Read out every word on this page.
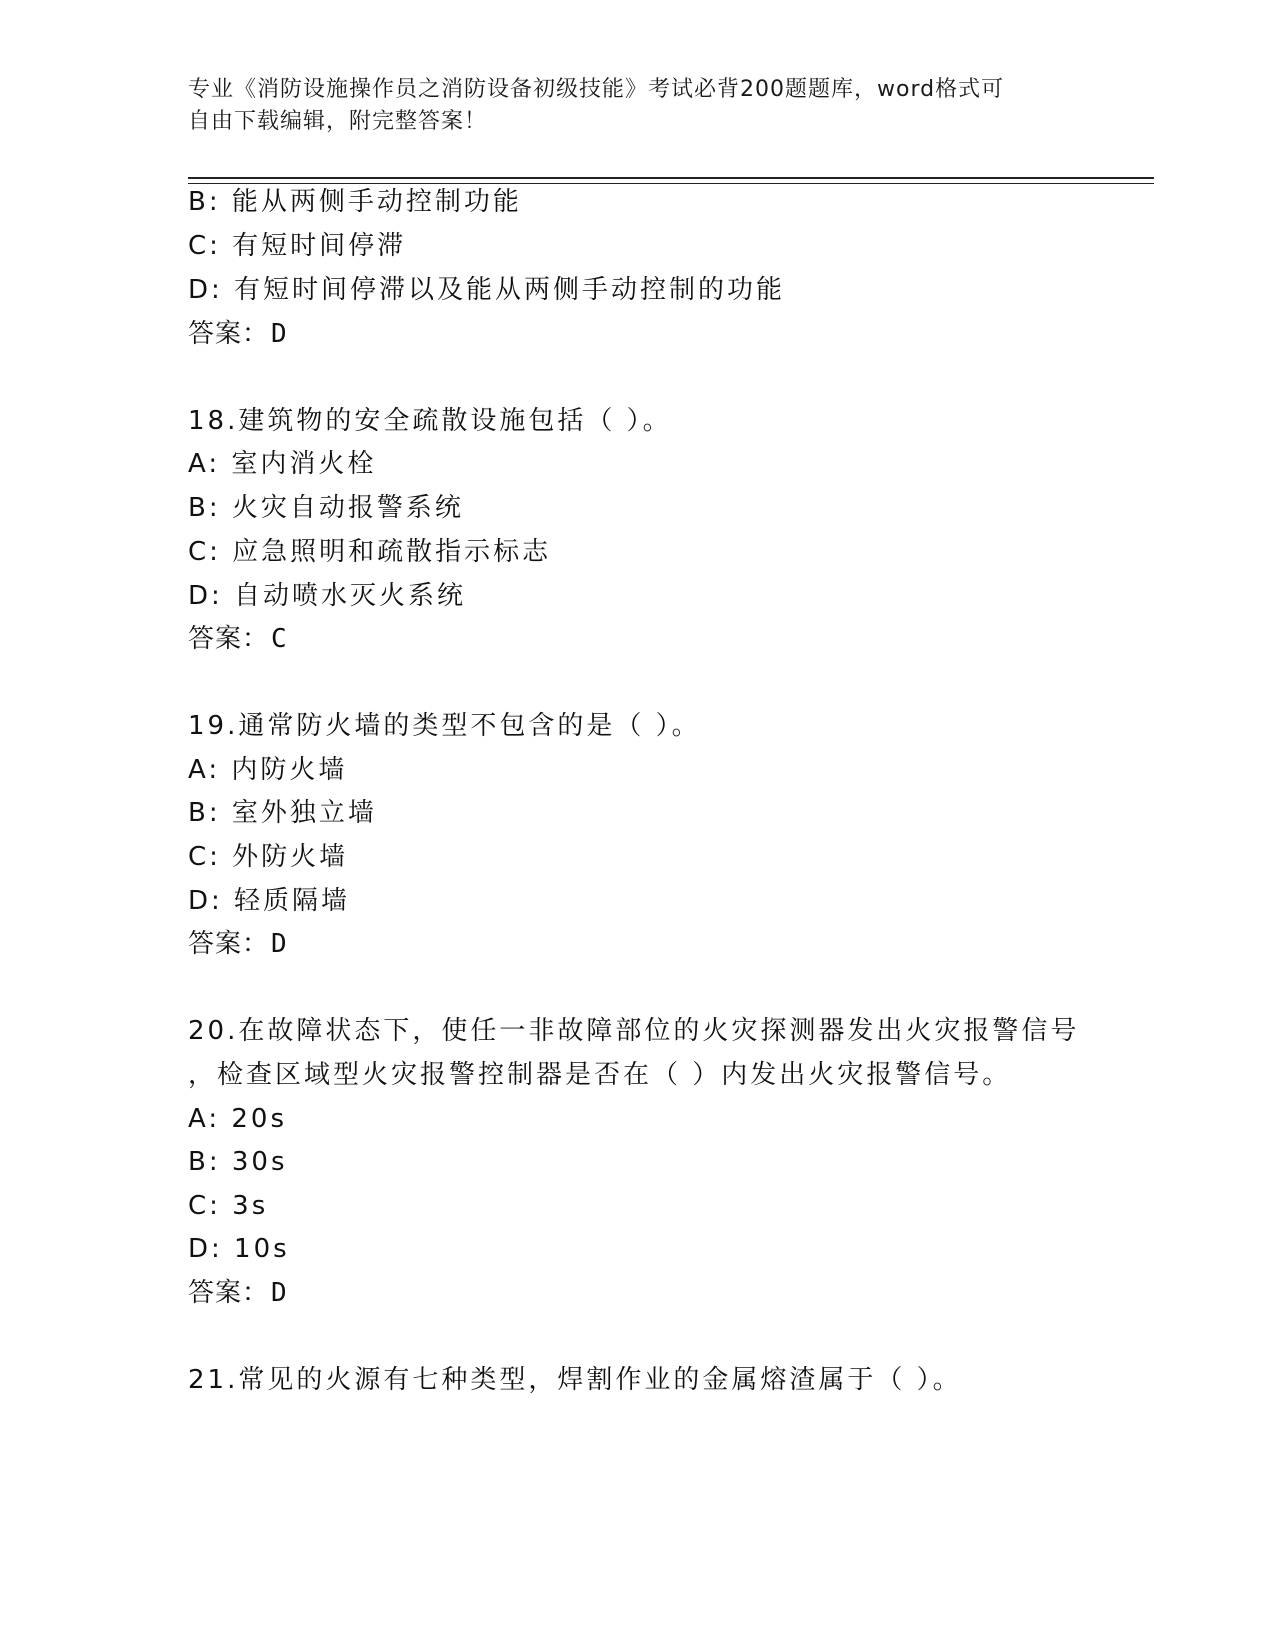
专业《消防设施操作员之消防设备初级技能》考试必背200题题库，word格式可
自由下载编辑，附完整答案！
B: 能从两侧手动控制功能
C: 有短时间停滞
D: 有短时间停滞以及能从两侧手动控制的功能
答案：D
18.建筑物的安全疏散设施包括（ ）。
A: 室内消火栓
B: 火灾自动报警系统
C: 应急照明和疏散指示标志
D: 自动喷水灭火系统
答案：C
19.通常防火墙的类型不包含的是（ ）。
A: 内防火墙
B: 室外独立墙
C: 外防火墙
D: 轻质隔墙
答案：D
20.在故障状态下，使任一非故障部位的火灾探测器发出火灾报警信号
，检查区域型火灾报警控制器是否在（ ）内发出火灾报警信号。
A: 20s
B: 30s
C: 3s
D: 10s
答案：D
21.常见的火源有七种类型，焊割作业的金属熔渣属于（ ）。
